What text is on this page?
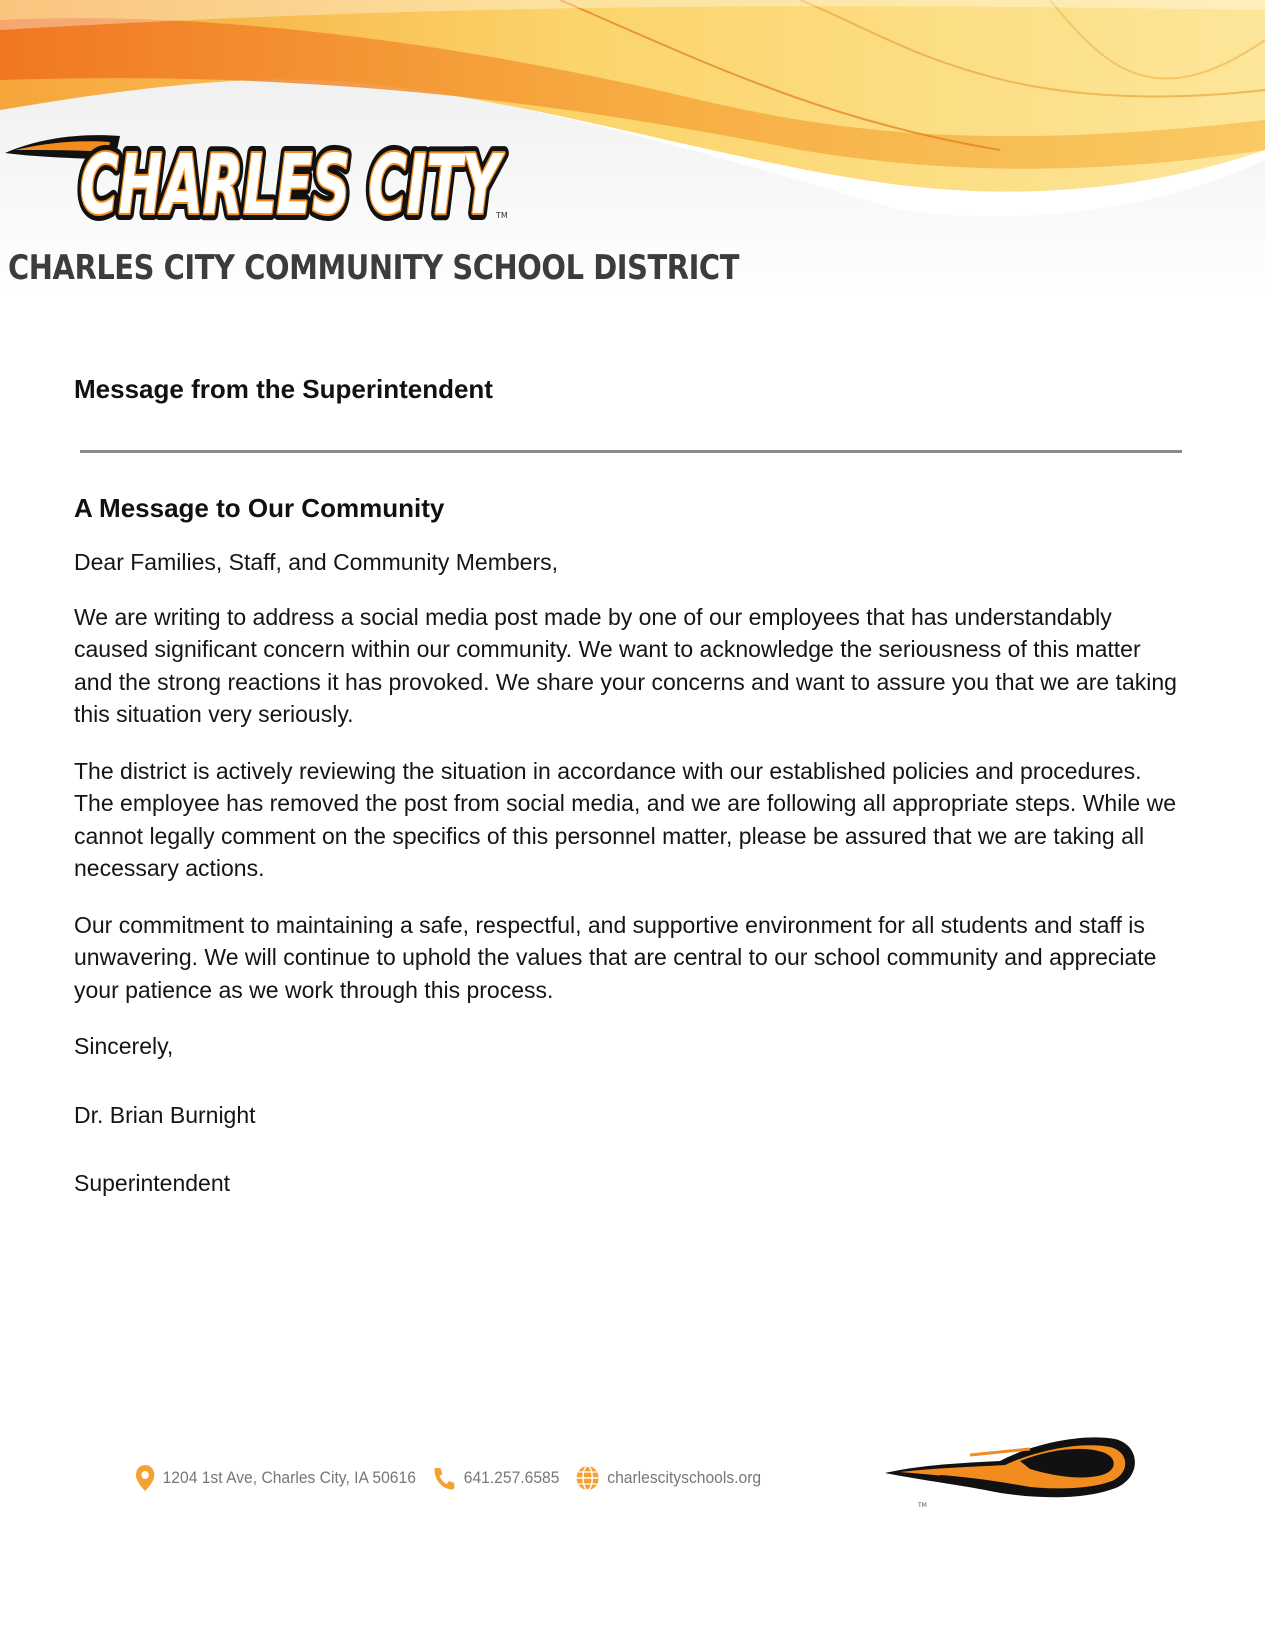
CHARLES CITY
CHARLES CITY
CHARLES CITY
TM
CHARLES CITY COMMUNITY SCHOOL DISTRICT
Message from the Superintendent
A Message to Our Community

Dear Families, Staff, and Community Members,

We are writing to address a social media post made by one of our employees that has understandably caused significant concern within our community. We want to acknowledge the seriousness of this matter and the strong reactions it has provoked. We share your concerns and want to assure you that we are taking this situation very seriously.

The district is actively reviewing the situation in accordance with our established policies and procedures. The employee has removed the post from social media, and we are following all appropriate steps. While we cannot legally comment on the specifics of this personnel matter, please be assured that we are taking all necessary actions.

Our commitment to maintaining a safe, respectful, and supportive environment for all students and staff is unwavering. We will continue to uphold the values that are central to our school community and appreciate your patience as we work through this process.

Sincerely,

Dr. Brian Burnight

Superintendent

1204 1st Ave, Charles City, IA 50616	641.257.6585	charlescityschools.org
TM
